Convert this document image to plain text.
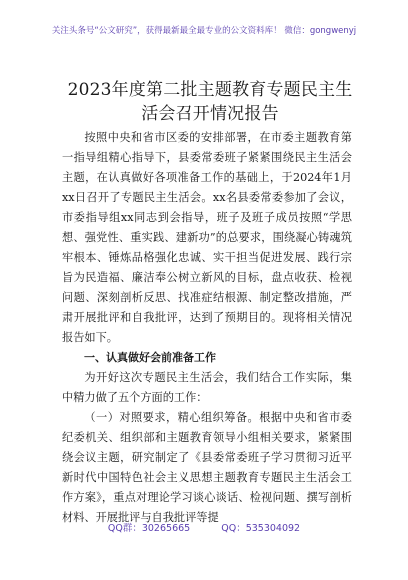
关注头条号“公文研究”，获得最新最全最专业的公文资料库！ 微信：gongwenyj
2023年度第二批主题教育专题民主生活会召开情况报告

按照中央和省市区委的安排部署，在市委主题教育第一指导组精心指导下，县委常委班子紧紧围绕民主生活会主题，在认真做好各项准备工作的基础上，于2024年1月xx日召开了专题民主生活会。xx名县委常委参加了会议，市委指导组xx同志到会指导，班子及班子成员按照“学思想、强党性、重实践、建新功”的总要求，围绕凝心铸魂筑牢根本、锤炼品格强化忠诚、实干担当促进发展、践行宗旨为民造福、廉洁奉公树立新风的目标，盘点收获、检视问题、深刻剖析反思、找准症结根源、制定整改措施，严肃开展批评和自我批评，达到了预期目的。现将相关情况报告如下。

一、认真做好会前准备工作

为开好这次专题民主生活会，我们结合工作实际，集中精力做了五个方面的工作：

（一）对照要求，精心组织筹备。根据中央和省市委纪委机关、组织部和主题教育领导小组相关要求，紧紧围绕会议主题，研究制定了《县委常委班子学习贯彻习近平新时代中国特色社会主义思想主题教育专题民主生活会工作方案》，重点对理论学习谈心谈话、检视问题、撰写剖析材料、开展批评与自我批评等提

QQ群：30265665	QQ：535304092
